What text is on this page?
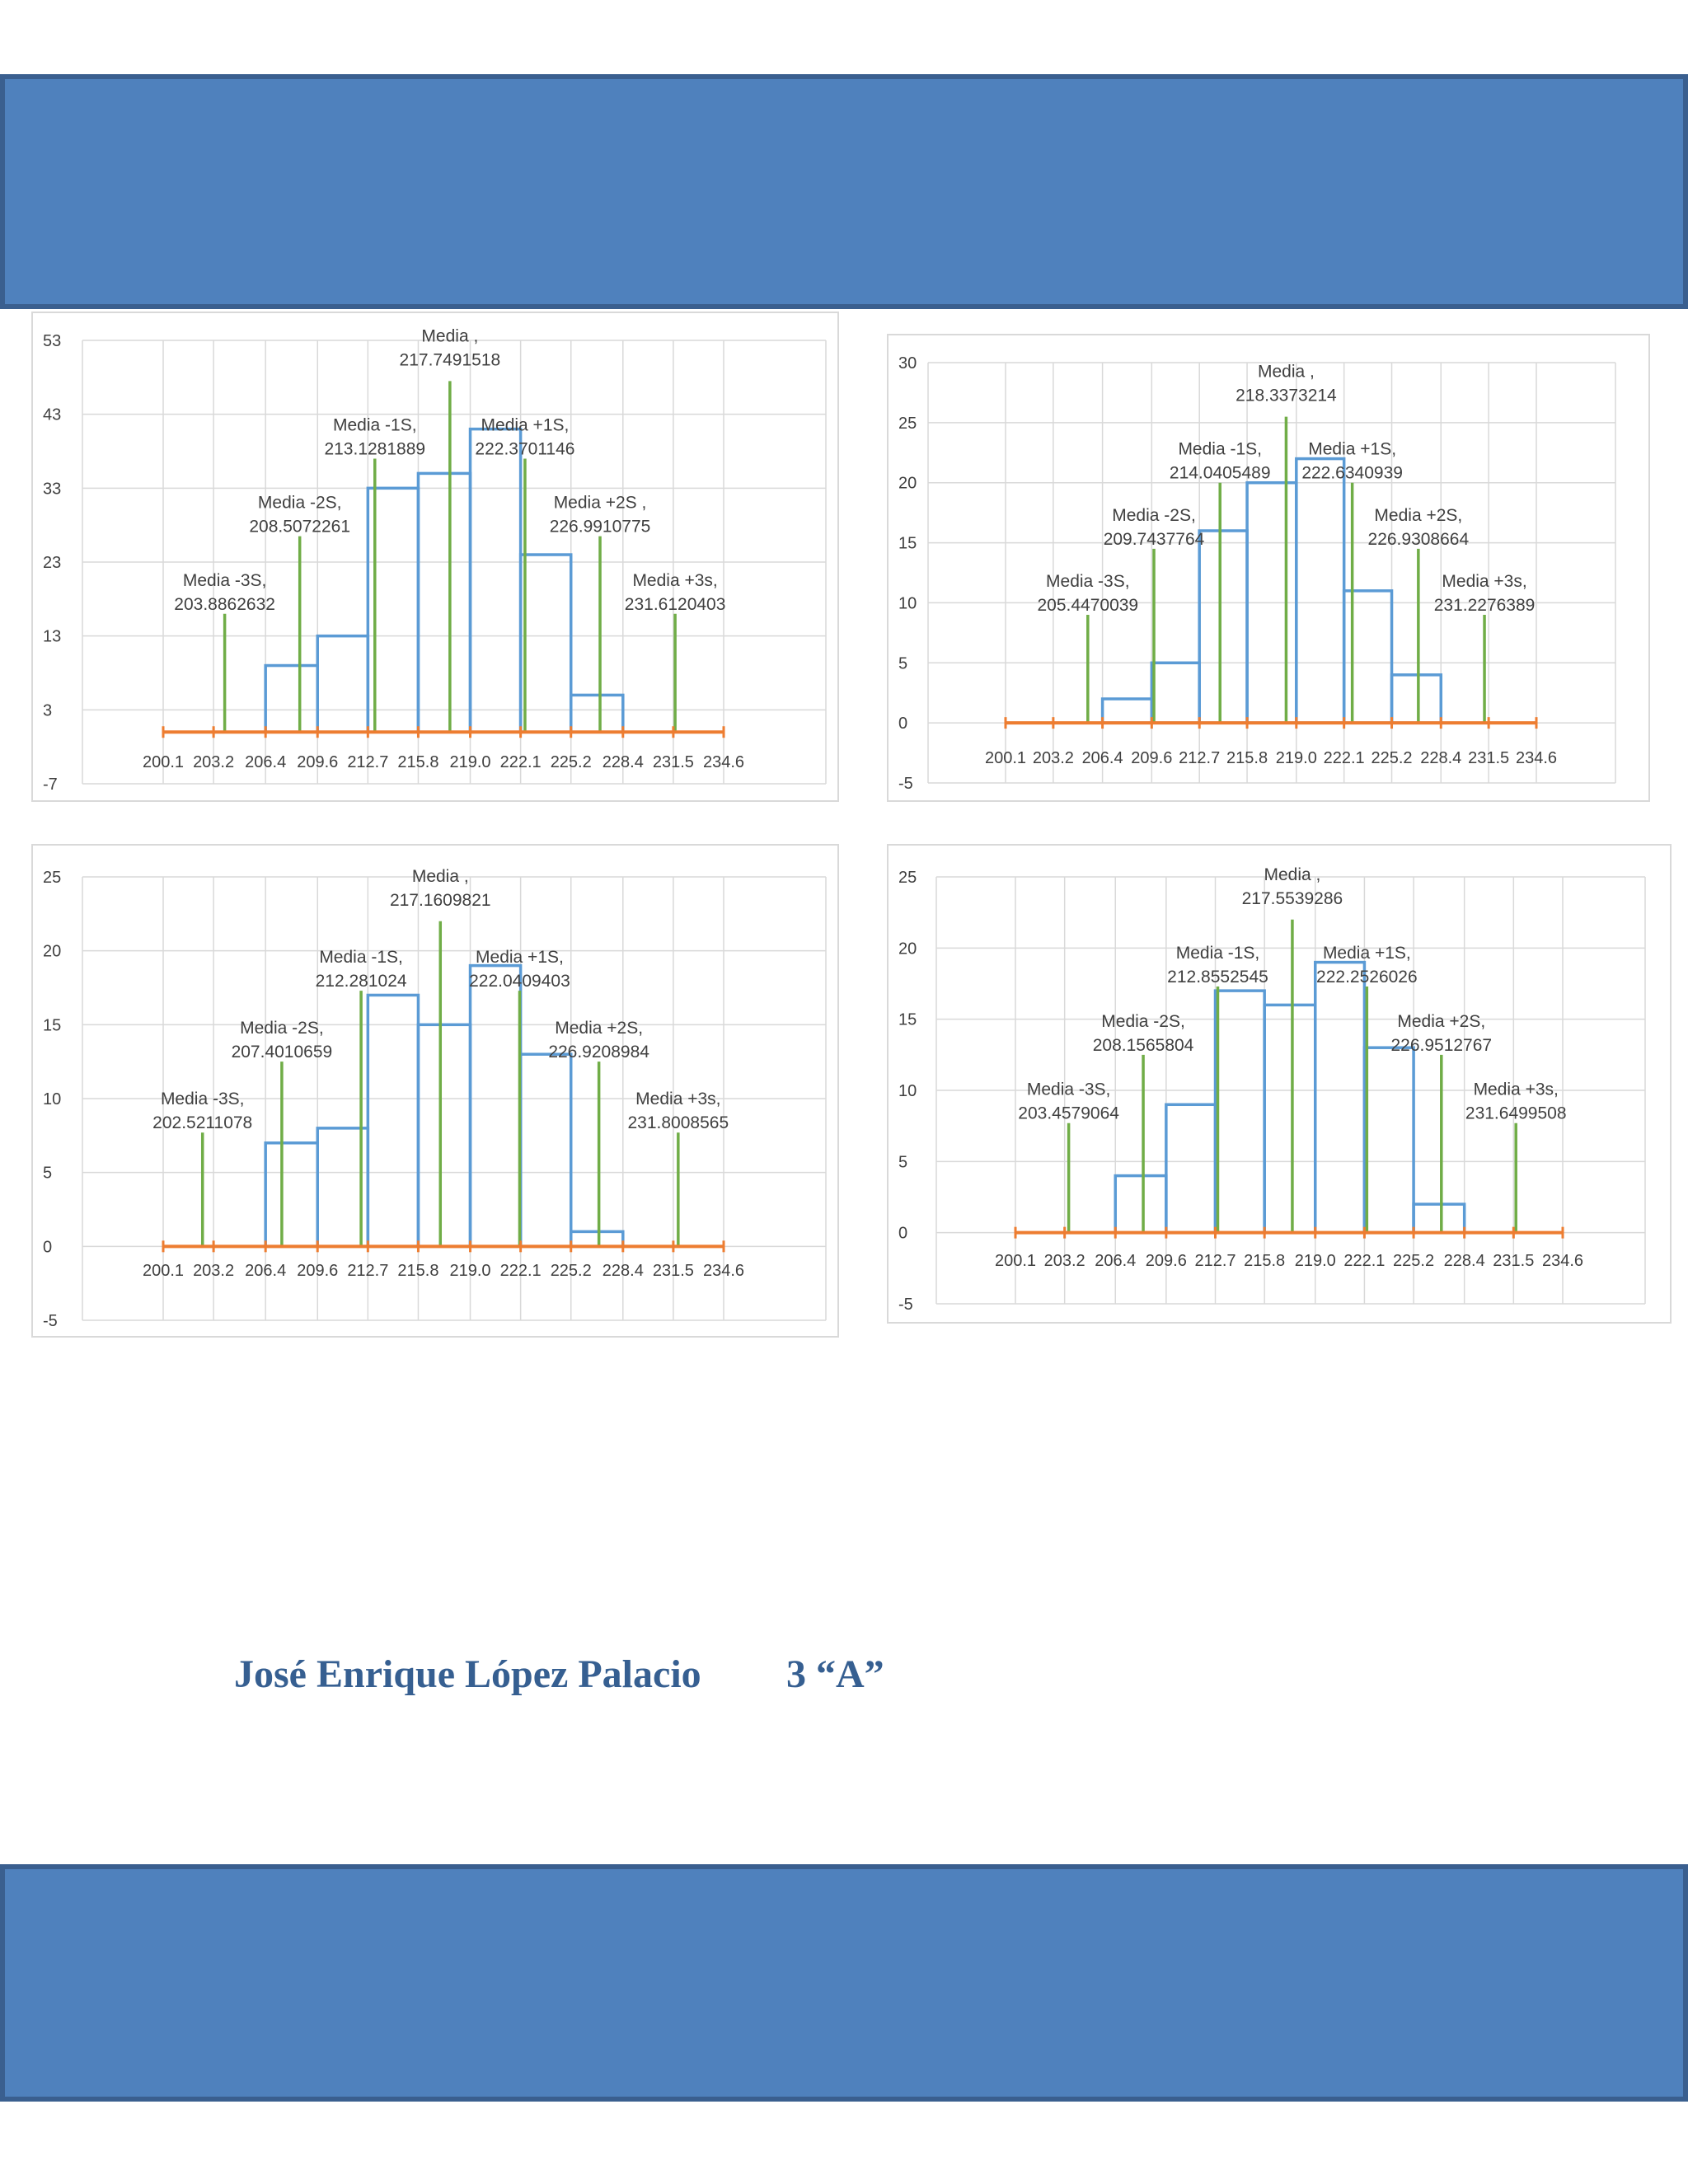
53
43
33
23
13
3
-7
Media -3S,
203.8862632
Media -2S,
208.5072261
Media -1S,
213.1281889
Media ,
217.7491518
Media +1S,
222.3701146
Media +2S ,
226.9910775
Media +3s,
231.6120403
200.1 203.2 206.4 209.6 212.7 215.8 219.0 222.1 225.2 228.4 231.5 234.6
30
25
20
15
10
5
0
-5
Media -3S,
205.4470039
Media -2S,
209.7437764
Media -1S,
214.0405489
Media ,
218.3373214
Media +1S,
222.6340939
Media +2S,
226.9308664
Media +3s,
231.2276389
200.1 203.2 206.4 209.6 212.7 215.8 219.0 222.1 225.2 228.4 231.5 234.6
25
20
15
10
5
0
-5
Media -3S,
202.5211078
Media -2S,
207.4010659
Media -1S,
212.281024
Media ,
217.1609821
Media +1S,
222.0409403
Media +2S,
226.9208984
Media +3s,
231.8008565
200.1 203.2 206.4 209.6 212.7 215.8 219.0 222.1 225.2 228.4 231.5 234.6
25
20
15
10
5
0
-5
Media -3S,
203.4579064
Media -2S,
208.1565804
Media -1S,
212.8552545
Media ,
217.5539286
Media +1S,
222.2526026
Media +2S,
226.9512767
Media +3s,
231.6499508
200.1 203.2 206.4 209.6 212.7 215.8 219.0 222.1 225.2 228.4 231.5 234.6
José Enrique López Palacio 3 “A”
